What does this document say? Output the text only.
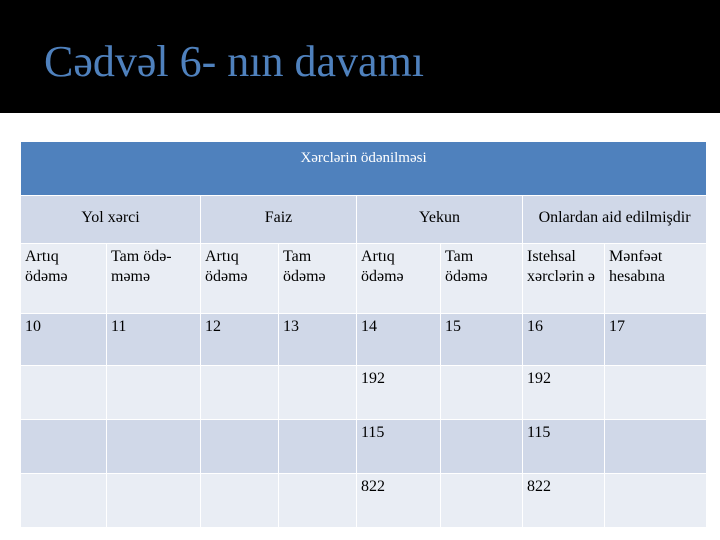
Cədvəl 6- nın davamı
Xərclərin ödənilməsi							
Yol xərci		Faiz		Yekun		Onlardan aid edilmişdir	
Artıq ödəmə	Tam ödə-məmə	Artıq ödəmə	Tam ödəmə	Artıq ödəmə	Tam ödəmə	Istehsal xərclərin ə	Mənfəət hesabına
10	11	12	13	14	15	16	17
				192		192	
				115		115	
				822		822	
